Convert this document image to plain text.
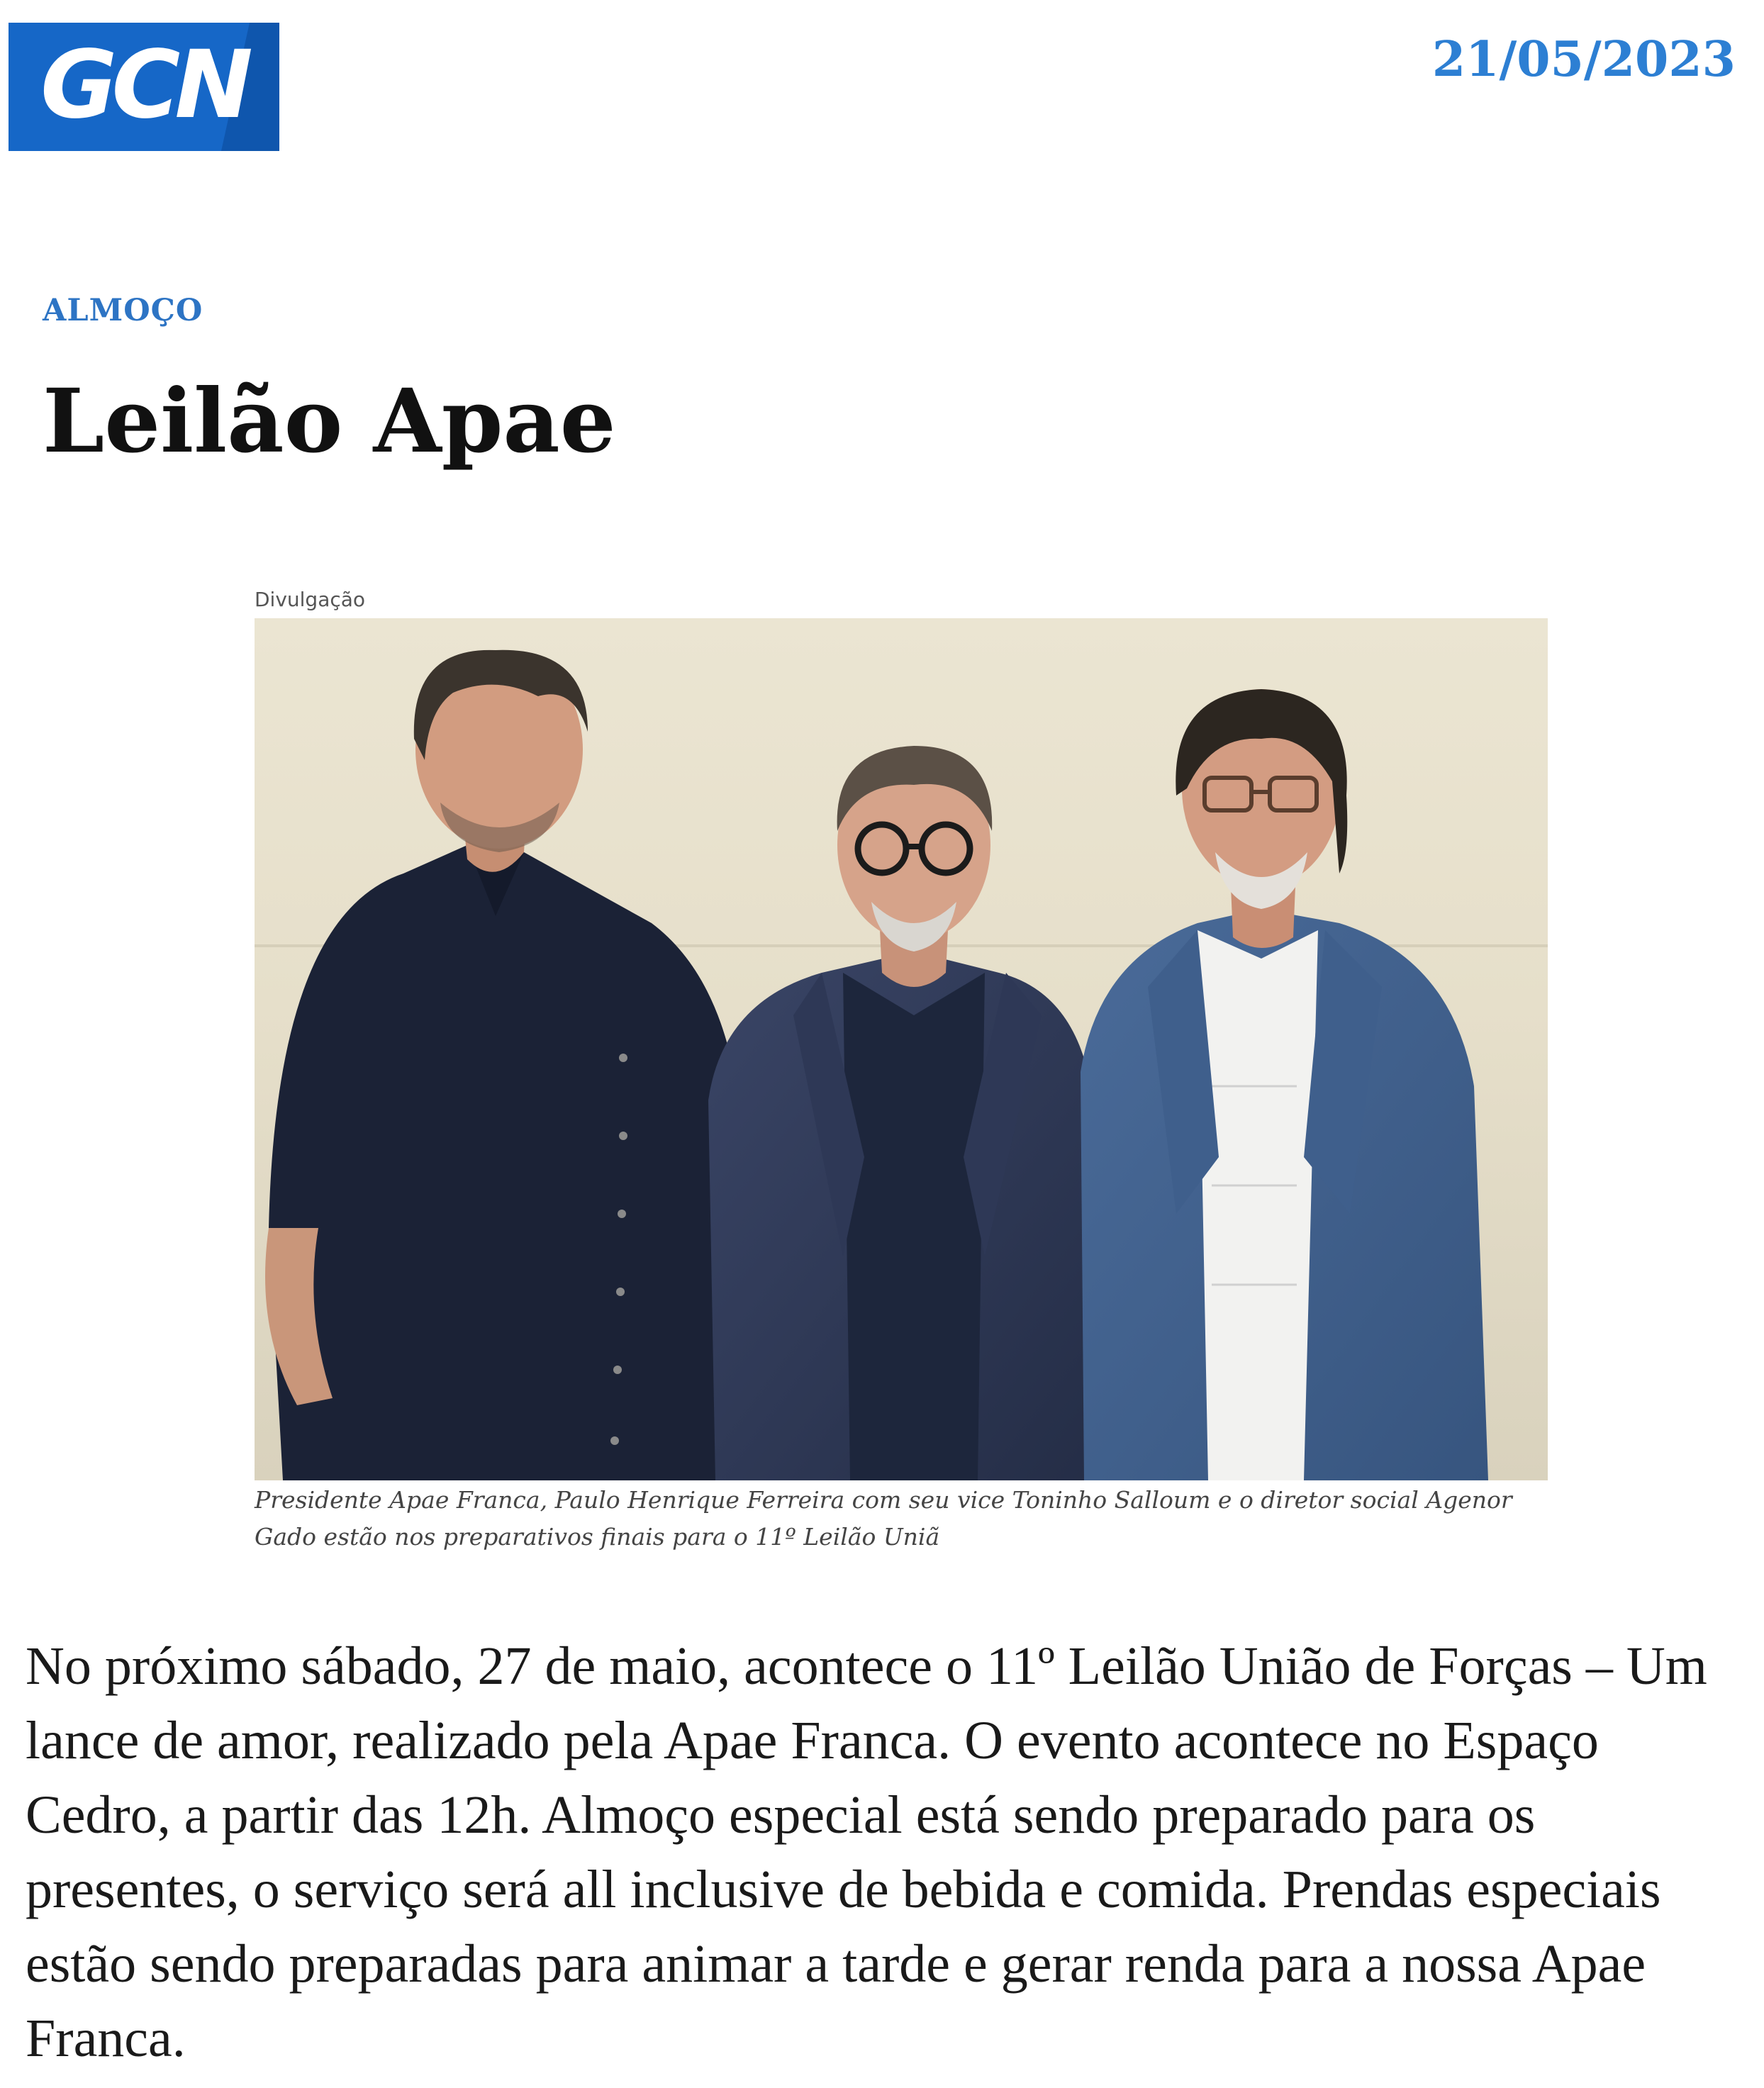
GCN	21/05/2023
ALMOÇO
Leilão Apae
Divulgação
Presidente Apae Franca, Paulo Henrique Ferreira com seu vice Toninho Salloum e o diretor social Agenor Gado estão nos preparativos finais para o 11º Leilão Uniã

No próximo sábado, 27 de maio, acontece o 11º Leilão União de Forças – Um lance de amor, realizado pela Apae Franca. O evento acontece no Espaço Cedro, a partir das 12h. Almoço especial está sendo preparado para os presentes, o serviço será all inclusive de bebida e comida. Prendas especiais estão sendo preparadas para animar a tarde e gerar renda para a nossa Apae Franca.
